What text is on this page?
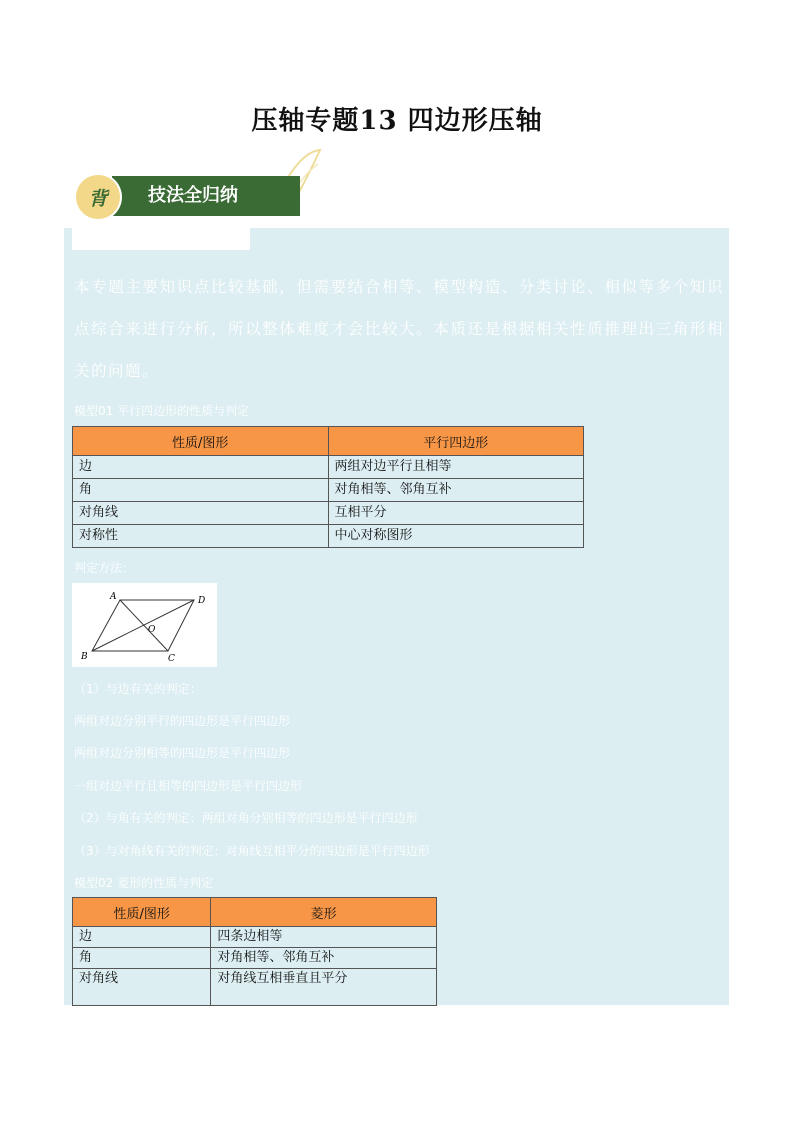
压轴专题13 四边形压轴
技法全归纳
背
本专题主要知识点比较基础，但需要结合相等、模型构造、分类讨论、相似等多个知识点综合来进行分析，所以整体难度才会比较大。本质还是根据相关性质推理出三角形相关的问题。
模型01 平行四边形的性质与判定
性质/图形	平行四边形
边	两组对边平行且相等
角	对角相等、邻角互补
对角线	互相平分
对称性	中心对称图形
判定方法：
A	D
O
B	C
（1）与边有关的判定：
两组对边分别平行的四边形是平行四边形
两组对边分别相等的四边形是平行四边形
一组对边平行且相等的四边形是平行四边形
（2）与角有关的判定：两组对角分别相等的四边形是平行四边形
（3）与对角线有关的判定：对角线互相平分的四边形是平行四边形
模型02 菱形的性质与判定
性质/图形	菱形
边	四条边相等
角	对角相等、邻角互补
对角线	对角线互相垂直且平分
